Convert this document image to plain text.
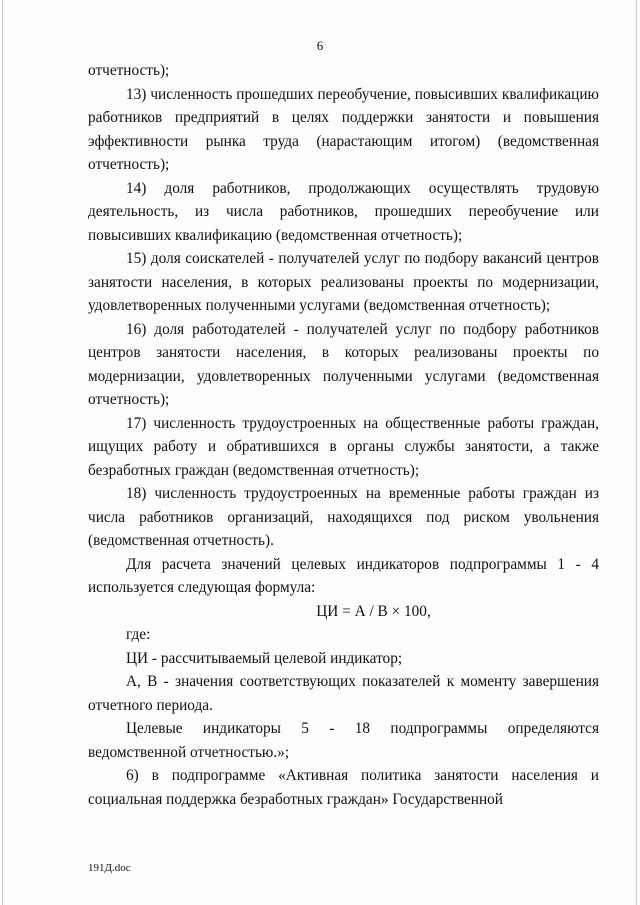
6

отчетность);

13) численность прошедших переобучение, повысивших квалификацию работников предприятий в целях поддержки занятости и повышения эффективности рынка труда (нарастающим итогом) (ведомственная отчетность);

14) доля работников, продолжающих осуществлять трудовую деятельность, из числа работников, прошедших переобучение или повысивших квалификацию (ведомственная отчетность);

15) доля соискателей - получателей услуг по подбору вакансий центров занятости населения, в которых реализованы проекты по модернизации, удовлетворенных полученными услугами (ведомственная отчетность);

16) доля работодателей - получателей услуг по подбору работников центров занятости населения, в которых реализованы проекты по модернизации, удовлетворенных полученными услугами (ведомственная отчетность);

17) численность трудоустроенных на общественные работы граждан, ищущих работу и обратившихся в органы службы занятости, а также безработных граждан (ведомственная отчетность);

18) численность трудоустроенных на временные работы граждан из числа работников организаций, находящихся под риском увольнения (ведомственная отчетность).

Для расчета значений целевых индикаторов подпрограммы 1 - 4 используется следующая формула:

ЦИ = А / В × 100,

где:

ЦИ - рассчитываемый целевой индикатор;

А, В - значения соответствующих показателей к моменту завершения отчетного периода.

Целевые индикаторы 5 - 18 подпрограммы определяются ведомственной отчетностью.»;

6) в подпрограмме «Активная политика занятости населения и социальная поддержка безработных граждан» Государственной

191Д.doc
